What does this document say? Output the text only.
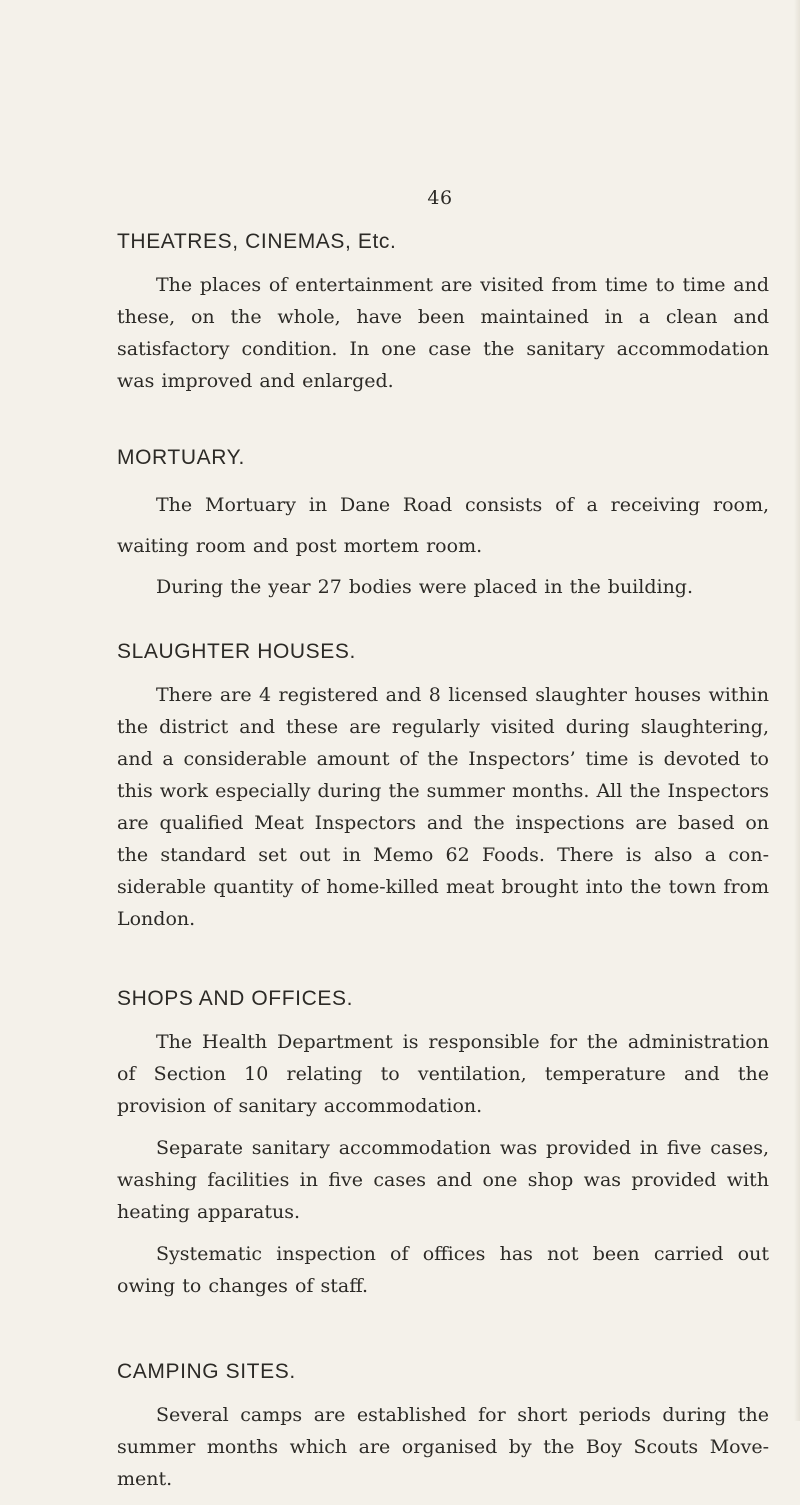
46
THEATRES, CINEMAS, Etc.

The places of entertainment are visited from time to time and these, on the whole, have been maintained in a clean and satisfactory condition. In one case the sanitary accommodation was improved and enlarged.

MORTUARY.

The Mortuary in Dane Road consists of a receiving room, waiting room and post mortem room.

During the year 27 bodies were placed in the building.

SLAUGHTER HOUSES.

There are 4 registered and 8 licensed slaughter houses within the district and these are regularly visited during slaughtering, and a considerable amount of the Inspectors’ time is devoted to this work especially during the summer months. All the Inspectors are qualified Meat Inspectors and the inspections are based on the standard set out in Memo 62 Foods. There is also a considerable quantity of home-killed meat brought into the town from London.

SHOPS AND OFFICES.

The Health Department is responsible for the administration of Section 10 relating to ventilation, temperature and the provision of sanitary accommodation.

Separate sanitary accommodation was provided in five cases, washing facilities in five cases and one shop was provided with heating apparatus.

Systematic inspection of offices has not been carried out owing to changes of staff.

CAMPING SITES.

Several camps are established for short periods during the summer months which are organised by the Boy Scouts Movement.
